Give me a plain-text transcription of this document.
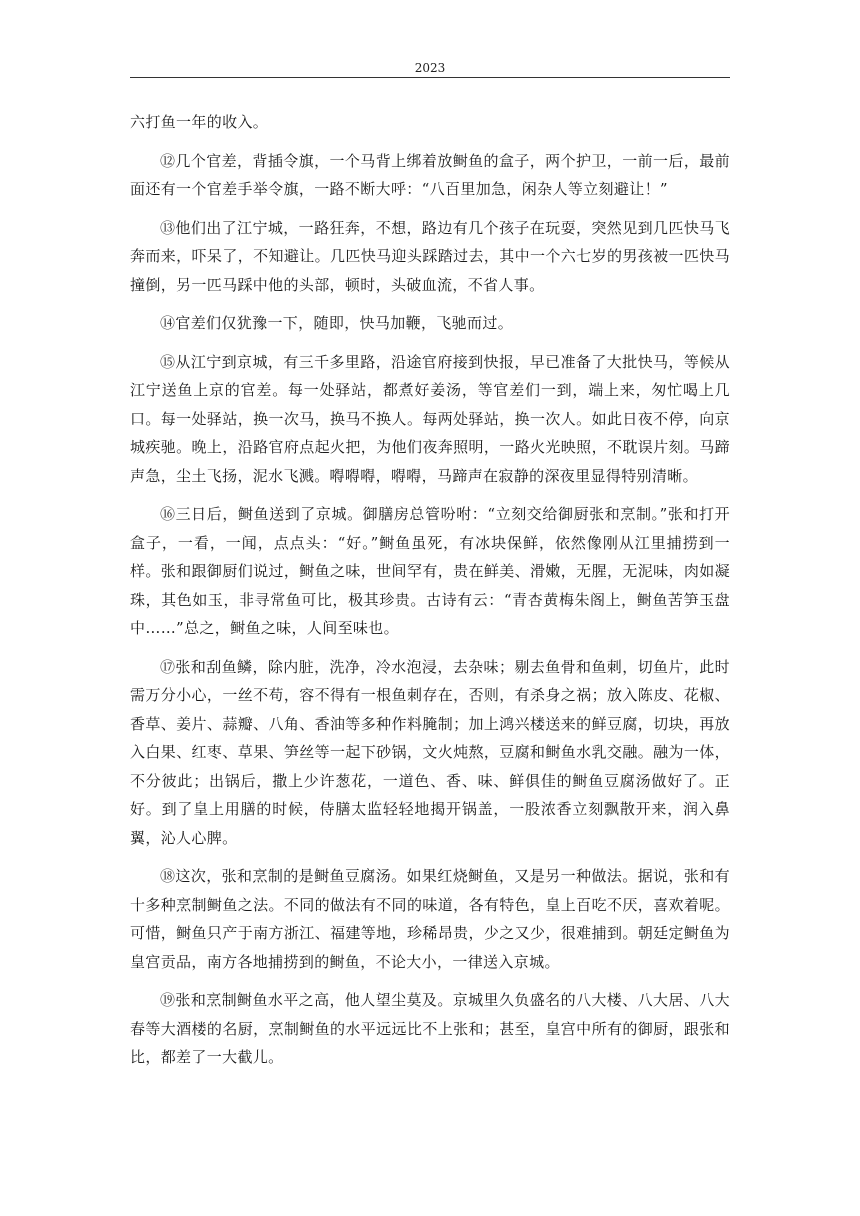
2023

六打鱼一年的收入。

⑫几个官差，背插令旗，一个马背上绑着放鲥鱼的盒子，两个护卫，一前一后，最前面还有一个官差手举令旗，一路不断大呼：“八百里加急，闲杂人等立刻避让！”

⑬他们出了江宁城，一路狂奔，不想，路边有几个孩子在玩耍，突然见到几匹快马飞奔而来，吓呆了，不知避让。几匹快马迎头踩踏过去，其中一个六七岁的男孩被一匹快马撞倒，另一匹马踩中他的头部，顿时，头破血流，不省人事。

⑭官差们仅犹豫一下，随即，快马加鞭，飞驰而过。

⑮从江宁到京城，有三千多里路，沿途官府接到快报，早已准备了大批快马，等候从江宁送鱼上京的官差。每一处驿站，都煮好姜汤，等官差们一到，端上来，匆忙喝上几口。每一处驿站，换一次马，换马不换人。每两处驿站，换一次人。如此日夜不停，向京城疾驰。晚上，沿路官府点起火把，为他们夜奔照明，一路火光映照，不耽误片刻。马蹄声急，尘土飞扬，泥水飞溅。嘚嘚嘚，嘚嘚，马蹄声在寂静的深夜里显得特别清晰。

⑯三日后，鲥鱼送到了京城。御膳房总管吩咐：“立刻交给御厨张和烹制。”张和打开盒子，一看，一闻，点点头：“好。”鲥鱼虽死，有冰块保鲜，依然像刚从江里捕捞到一样。张和跟御厨们说过，鲥鱼之味，世间罕有，贵在鲜美、滑嫩，无腥，无泥味，肉如凝珠，其色如玉，非寻常鱼可比，极其珍贵。古诗有云：“青杏黄梅朱阁上，鲥鱼苦笋玉盘中……”总之，鲥鱼之味，人间至味也。

⑰张和刮鱼鳞，除内脏，洗净，冷水泡浸，去杂味；剔去鱼骨和鱼刺，切鱼片，此时需万分小心，一丝不苟，容不得有一根鱼刺存在，否则，有杀身之祸；放入陈皮、花椒、香草、姜片、蒜瓣、八角、香油等多种作料腌制；加上鸿兴楼送来的鲜豆腐，切块，再放入白果、红枣、草果、笋丝等一起下砂锅，文火炖熬，豆腐和鲥鱼水乳交融。融为一体，不分彼此；出锅后，撒上少许葱花，一道色、香、味、鲜俱佳的鲥鱼豆腐汤做好了。正好。到了皇上用膳的时候，侍膳太监轻轻地揭开锅盖，一股浓香立刻飘散开来，润入鼻翼，沁人心脾。

⑱这次，张和烹制的是鲥鱼豆腐汤。如果红烧鲥鱼，又是另一种做法。据说，张和有十多种烹制鲥鱼之法。不同的做法有不同的味道，各有特色，皇上百吃不厌，喜欢着呢。可惜，鲥鱼只产于南方浙江、福建等地，珍稀昂贵，少之又少，很难捕到。朝廷定鲥鱼为皇宫贡品，南方各地捕捞到的鲥鱼，不论大小，一律送入京城。

⑲张和烹制鲥鱼水平之高，他人望尘莫及。京城里久负盛名的八大楼、八大居、八大春等大酒楼的名厨，烹制鲥鱼的水平远远比不上张和；甚至，皇宫中所有的御厨，跟张和比，都差了一大截儿。
